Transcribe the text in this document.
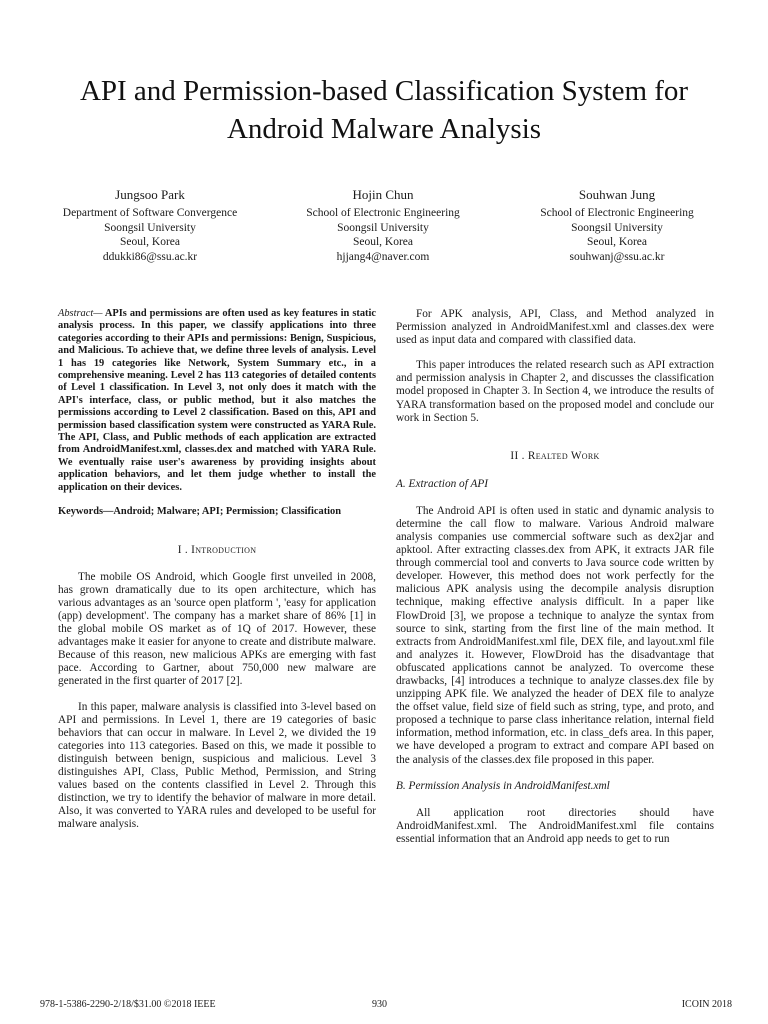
API and Permission-based Classification System for
Android Malware Analysis
Jungsoo Park
Department of Software Convergence
Soongsil University
Seoul, Korea
ddukki86@ssu.ac.kr
Hojin Chun
School of Electronic Engineering
Soongsil University
Seoul, Korea
hjjang4@naver.com
Souhwan Jung
School of Electronic Engineering
Soongsil University
Seoul, Korea
souhwanj@ssu.ac.kr

Abstract— APIs and permissions are often used as key features in static analysis process. In this paper, we classify applications into three categories according to their APIs and permissions: Benign, Suspicious, and Malicious. To achieve that, we define three levels of analysis. Level 1 has 19 categories like Network, System Summary etc., in a comprehensive meaning. Level 2 has 113 categories of detailed contents of Level 1 classification. In Level 3, not only does it match with the API's interface, class, or public method, but it also matches the permissions according to Level 2 classification. Based on this, API and permission based classification system were constructed as YARA Rule. The API, Class, and Public methods of each application are extracted from AndroidManifest.xml, classes.dex and matched with YARA Rule. We eventually raise user's awareness by providing insights about application behaviors, and let them judge whether to install the application on their devices.

Keywords—Android; Malware; API; Permission; Classification

I . Introduction

The mobile OS Android, which Google first unveiled in 2008, has grown dramatically due to its open architecture, which has various advantages as an 'source open platform ', 'easy for application (app) development'. The company has a market share of 86% [1] in the global mobile OS market as of 1Q of 2017. However, these advantages make it easier for anyone to create and distribute malware. Because of this reason, new malicious APKs are emerging with fast pace. According to Gartner, about 750,000 new malware are generated in the first quarter of 2017 [2].

In this paper, malware analysis is classified into 3-level based on API and permissions. In Level 1, there are 19 categories of basic behaviors that can occur in malware. In Level 2, we divided the 19 categories into 113 categories. Based on this, we made it possible to distinguish between benign, suspicious and malicious. Level 3 distinguishes API, Class, Public Method, Permission, and String values based on the contents classified in Level 2. Through this distinction, we try to identify the behavior of malware in more detail. Also, it was converted to YARA rules and developed to be useful for malware analysis.

For APK analysis, API, Class, and Method analyzed in Permission analyzed in AndroidManifest.xml and classes.dex were used as input data and compared with classified data.

This paper introduces the related research such as API extraction and permission analysis in Chapter 2, and discusses the classification model proposed in Chapter 3. In Section 4, we introduce the results of YARA transformation based on the proposed model and conclude our work in Section 5.

II . Realted Work
A. Extraction of API

The Android API is often used in static and dynamic analysis to determine the call flow to malware. Various Android malware analysis companies use commercial software such as dex2jar and apktool. After extracting classes.dex from APK, it extracts JAR file through commercial tool and converts to Java source code written by developer. However, this method does not work perfectly for the malicious APK analysis using the decompile analysis disruption technique, making effective analysis difficult. In a paper like FlowDroid [3], we propose a technique to analyze the syntax from source to sink, starting from the first line of the main method. It extracts from AndroidManifest.xml file, DEX file, and layout.xml file and analyzes it. However, FlowDroid has the disadvantage that obfuscated applications cannot be analyzed. To overcome these drawbacks, [4] introduces a technique to analyze classes.dex file by unzipping APK file. We analyzed the header of DEX file to analyze the offset value, field size of field such as string, type, and proto, and proposed a technique to parse class inheritance relation, internal field information, method information, etc. in class_defs area. In this paper, we have developed a program to extract and compare API based on the analysis of the classes.dex file proposed in this paper.

B. Permission Analysis in AndroidManifest.xml

All application root directories should have AndroidManifest.xml. The AndroidManifest.xml file contains essential information that an Android app needs to get to run

978-1-5386-2290-2/18/$31.00 ©2018 IEEE	930	ICOIN 2018
